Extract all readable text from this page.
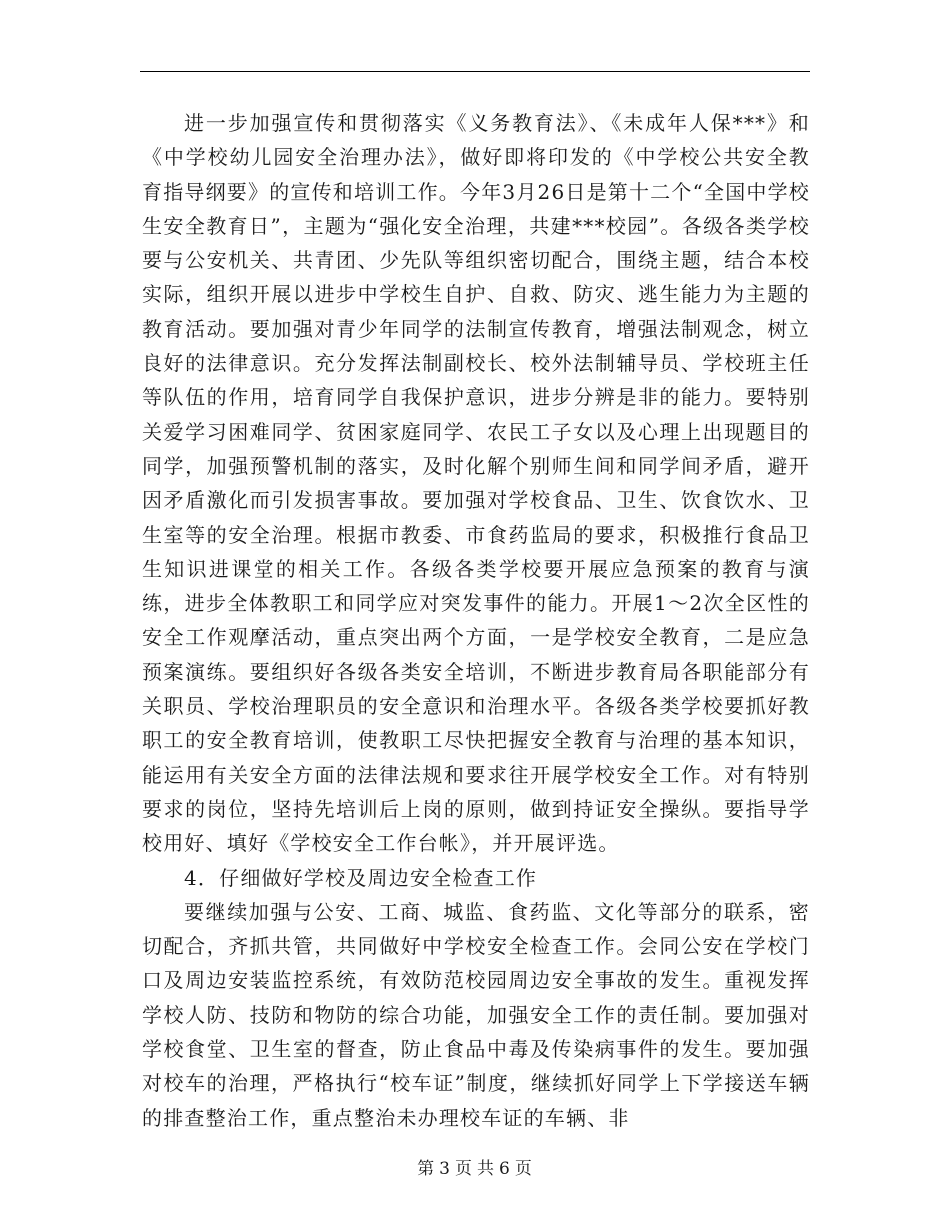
进一步加强宣传和贯彻落实《义务教育法》、《未成年人保***》和《中学校幼儿园安全治理办法》，做好即将印发的《中学校公共安全教育指导纲要》的宣传和培训工作。今年3月26日是第十二个“全国中学校生安全教育日”，主题为“强化安全治理，共建***校园”。各级各类学校要与公安机关、共青团、少先队等组织密切配合，围绕主题，结合本校实际，组织开展以进步中学校生自护、自救、防灾、逃生能力为主题的教育活动。要加强对青少年同学的法制宣传教育，增强法制观念，树立良好的法律意识。充分发挥法制副校长、校外法制辅导员、学校班主任等队伍的作用，培育同学自我保护意识，进步分辨是非的能力。要特别关爱学习困难同学、贫困家庭同学、农民工子女以及心理上出现题目的同学，加强预警机制的落实，及时化解个别师生间和同学间矛盾，避开因矛盾激化而引发损害事故。要加强对学校食品、卫生、饮食饮水、卫生室等的安全治理。根据市教委、市食药监局的要求，积极推行食品卫生知识进课堂的相关工作。各级各类学校要开展应急预案的教育与演练，进步全体教职工和同学应对突发事件的能力。开展1～2次全区性的安全工作观摩活动，重点突出两个方面，一是学校安全教育，二是应急预案演练。要组织好各级各类安全培训，不断进步教育局各职能部分有关职员、学校治理职员的安全意识和治理水平。各级各类学校要抓好教职工的安全教育培训，使教职工尽快把握安全教育与治理的基本知识，能运用有关安全方面的法律法规和要求往开展学校安全工作。对有特别要求的岗位，坚持先培训后上岗的原则，做到持证安全操纵。要指导学校用好、填好《学校安全工作台帐》，并开展评选。

4．仔细做好学校及周边安全检查工作

要继续加强与公安、工商、城监、食药监、文化等部分的联系，密切配合，齐抓共管，共同做好中学校安全检查工作。会同公安在学校门口及周边安装监控系统，有效防范校园周边安全事故的发生。重视发挥学校人防、技防和物防的综合功能，加强安全工作的责任制。要加强对学校食堂、卫生室的督查，防止食品中毒及传染病事件的发生。要加强对校车的治理，严格执行“校车证”制度，继续抓好同学上下学接送车辆的排查整治工作，重点整治未办理校车证的车辆、非

第 3 页 共 6 页
